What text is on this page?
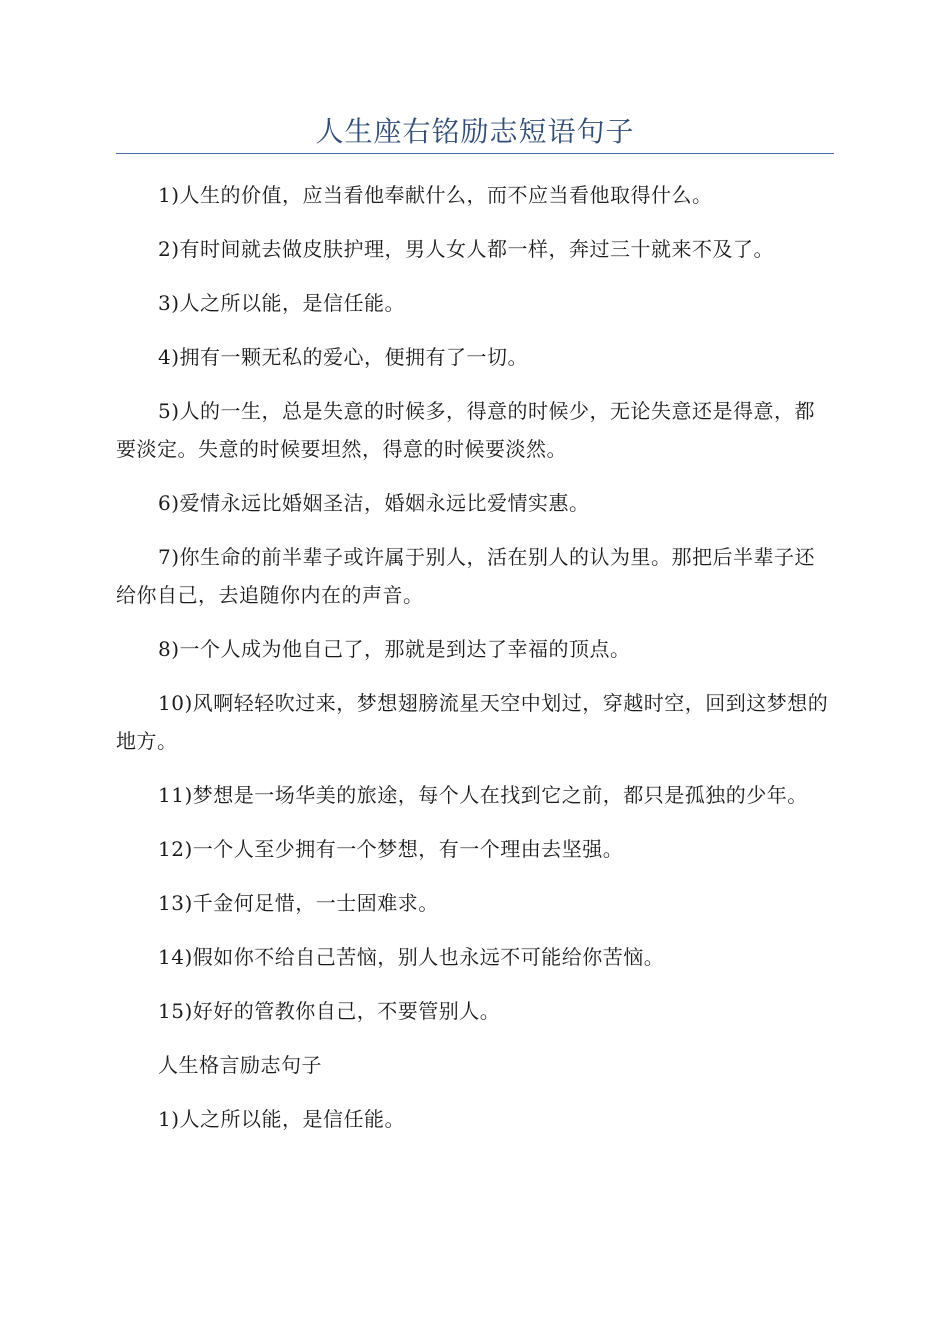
人生座右铭励志短语句子

1)人生的价值，应当看他奉献什么，而不应当看他取得什么。

2)有时间就去做皮肤护理，男人女人都一样，奔过三十就来不及了。

3)人之所以能，是信任能。

4)拥有一颗无私的爱心，便拥有了一切。

5)人的一生，总是失意的时候多，得意的时候少，无论失意还是得意，都要淡定。失意的时候要坦然，得意的时候要淡然。

6)爱情永远比婚姻圣洁，婚姻永远比爱情实惠。

7)你生命的前半辈子或许属于别人，活在别人的认为里。那把后半辈子还给你自己，去追随你内在的声音。

8)一个人成为他自己了，那就是到达了幸福的顶点。

10)风啊轻轻吹过来，梦想翅膀流星天空中划过，穿越时空，回到这梦想的地方。

11)梦想是一场华美的旅途，每个人在找到它之前，都只是孤独的少年。

12)一个人至少拥有一个梦想，有一个理由去坚强。

13)千金何足惜，一士固难求。

14)假如你不给自己苦恼，别人也永远不可能给你苦恼。

15)好好的管教你自己，不要管别人。

人生格言励志句子

1)人之所以能，是信任能。
